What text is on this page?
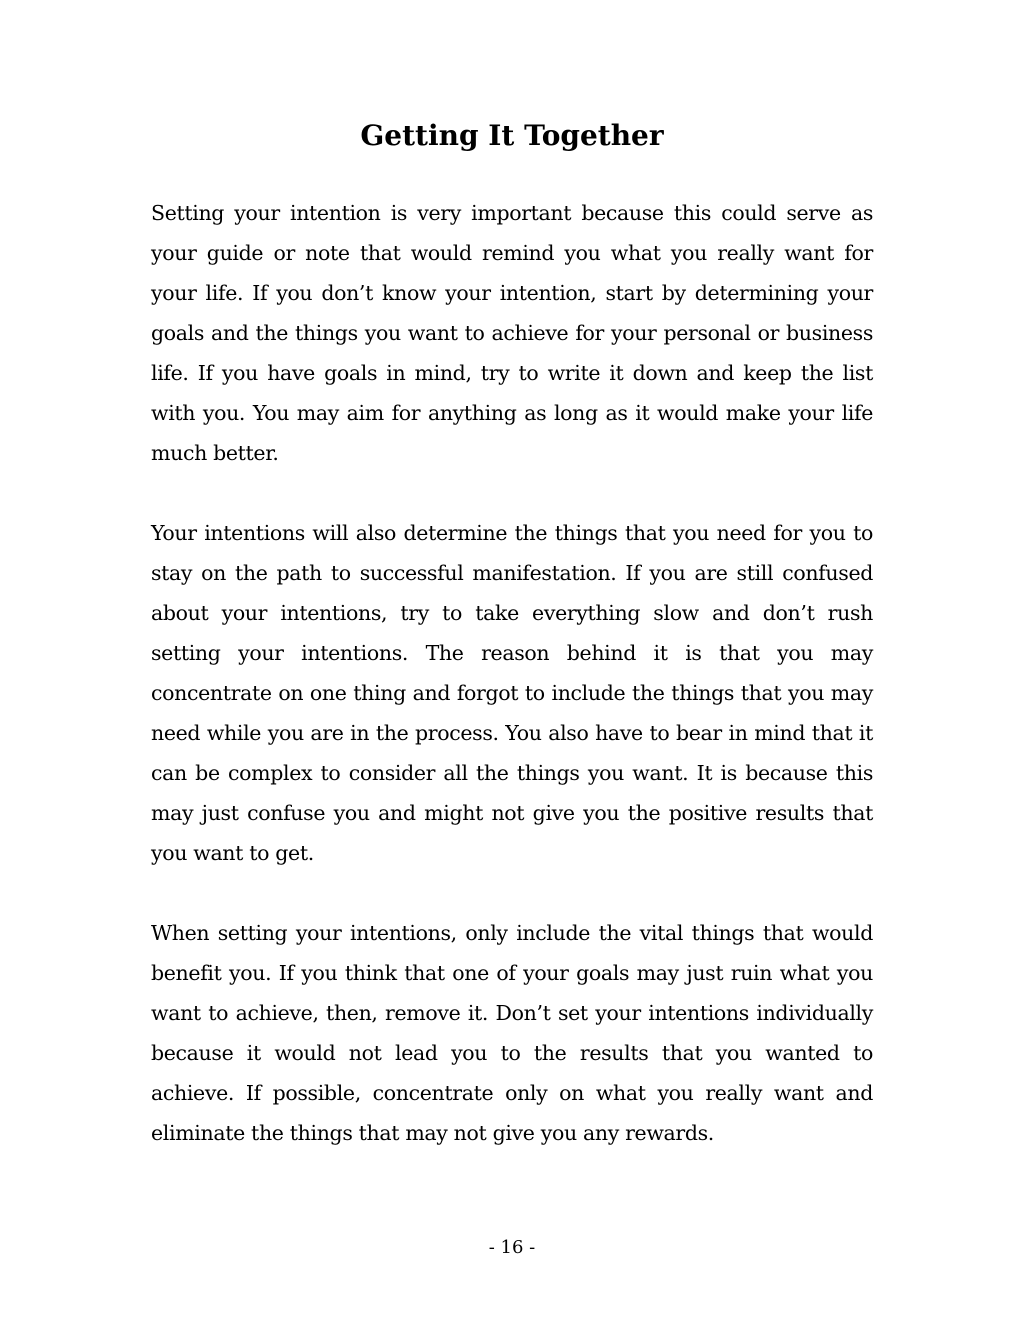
Getting It Together

Setting your intention is very important because this could serve as your guide or note that would remind you what you really want for your life. If you don’t know your intention, start by determining your goals and the things you want to achieve for your personal or business life. If you have goals in mind, try to write it down and keep the list with you. You may aim for anything as long as it would make your life much better.

Your intentions will also determine the things that you need for you to stay on the path to successful manifestation. If you are still confused about your intentions, try to take everything slow and don’t rush setting your intentions. The reason behind it is that you may concentrate on one thing and forgot to include the things that you may need while you are in the process. You also have to bear in mind that it can be complex to consider all the things you want. It is because this may just confuse you and might not give you the positive results that you want to get.

When setting your intentions, only include the vital things that would benefit you. If you think that one of your goals may just ruin what you want to achieve, then, remove it. Don’t set your intentions individually because it would not lead you to the results that you wanted to achieve. If possible, concentrate only on what you really want and eliminate the things that may not give you any rewards.

- 16 -
